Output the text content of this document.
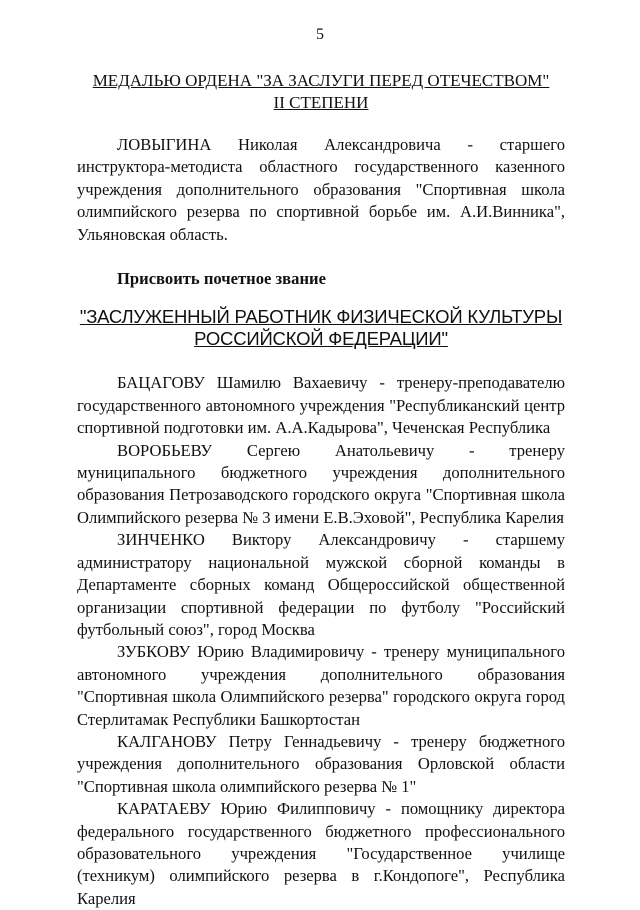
5

МЕДАЛЬЮ ОРДЕНА "ЗА ЗАСЛУГИ ПЕРЕД ОТЕЧЕСТВОМ"

II СТЕПЕНИ

ЛОВЫГИНА Николая Александровича - старшего инструктора-методиста областного государственного казенного учреждения дополнительного образования "Спортивная школа олимпийского резерва по спортивной борьбе им. А.И.Винника", Ульяновская область.

Присвоить почетное звание

"ЗАСЛУЖЕННЫЙ РАБОТНИК ФИЗИЧЕСКОЙ КУЛЬТУРЫ

РОССИЙСКОЙ ФЕДЕРАЦИИ"

БАЦАГОВУ Шамилю Вахаевичу - тренеру-преподавателю государственного автономного учреждения "Республиканский центр спортивной подготовки им. А.А.Кадырова", Чеченская Республика

ВОРОБЬЕВУ Сергею Анатольевичу - тренеру муниципального бюджетного учреждения дополнительного образования Петрозаводского городского округа "Спортивная школа Олимпийского резерва № 3 имени Е.В.Эховой", Республика Карелия

ЗИНЧЕНКО Виктору Александровичу - старшему администратору национальной мужской сборной команды в Департаменте сборных команд Общероссийской общественной организации спортивной федерации по футболу "Российский футбольный союз", город Москва

ЗУБКОВУ Юрию Владимировичу - тренеру муниципального автономного учреждения дополнительного образования "Спортивная школа Олимпийского резерва" городского округа город Стерлитамак Республики Башкортостан

КАЛГАНОВУ Петру Геннадьевичу - тренеру бюджетного учреждения дополнительного образования Орловской области "Спортивная школа олимпийского резерва № 1"

КАРАТАЕВУ Юрию Филипповичу - помощнику директора федерального государственного бюджетного профессионального образовательного учреждения "Государственное училище (техникум) олимпийского резерва в г.Кондопоге", Республика Карелия
